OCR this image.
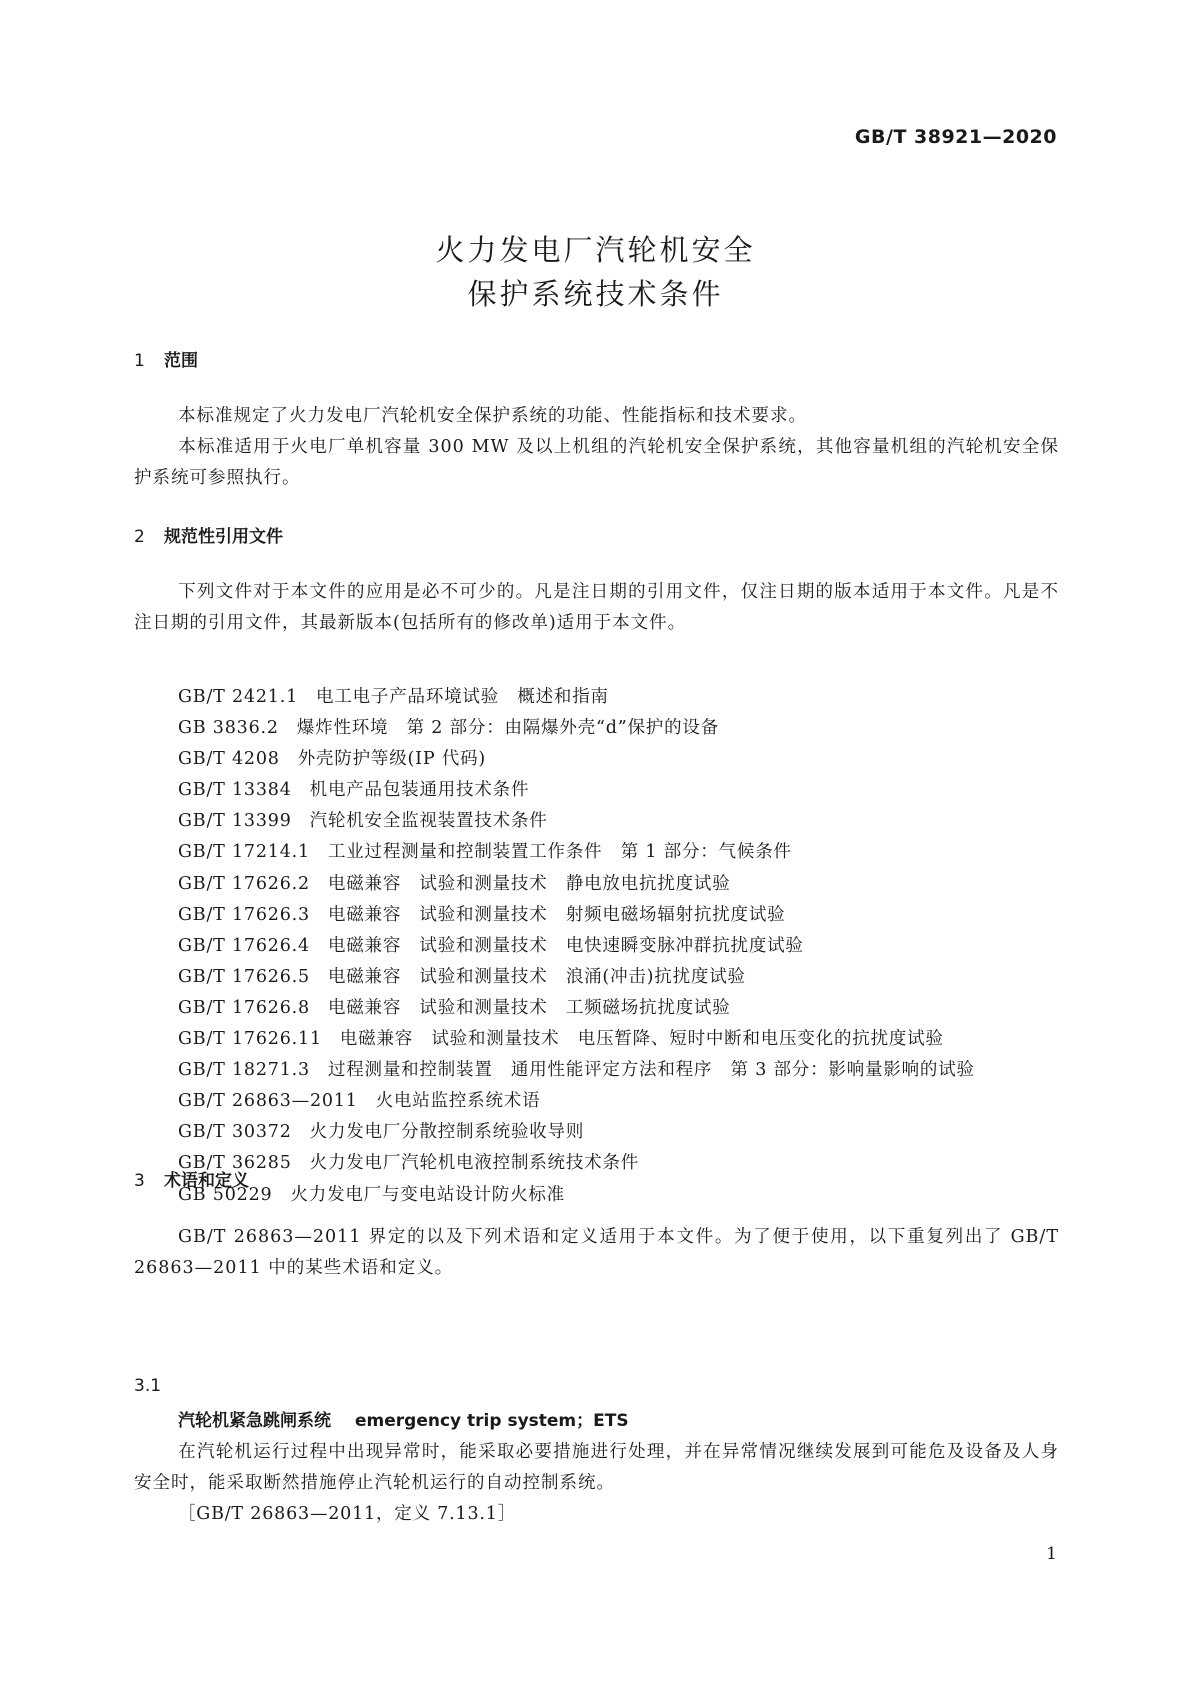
GB/T 38921—2020
火力发电厂汽轮机安全
保护系统技术条件
1 范围
本标准规定了火力发电厂汽轮机安全保护系统的功能、性能指标和技术要求。
本标准适用于火电厂单机容量 300 MW 及以上机组的汽轮机安全保护系统，其他容量机组的汽轮机安全保护系统可参照执行。
2 规范性引用文件
下列文件对于本文件的应用是必不可少的。凡是注日期的引用文件，仅注日期的版本适用于本文件。凡是不注日期的引用文件，其最新版本(包括所有的修改单)适用于本文件。
GB/T 2421.1 电工电子产品环境试验　概述和指南
GB 3836.2 爆炸性环境　第 2 部分：由隔爆外壳“d”保护的设备
GB/T 4208 外壳防护等级(IP 代码)
GB/T 13384 机电产品包装通用技术条件
GB/T 13399 汽轮机安全监视装置技术条件
GB/T 17214.1 工业过程测量和控制装置工作条件　第 1 部分：气候条件
GB/T 17626.2 电磁兼容　试验和测量技术　静电放电抗扰度试验
GB/T 17626.3 电磁兼容　试验和测量技术　射频电磁场辐射抗扰度试验
GB/T 17626.4 电磁兼容　试验和测量技术　电快速瞬变脉冲群抗扰度试验
GB/T 17626.5 电磁兼容　试验和测量技术　浪涌(冲击)抗扰度试验
GB/T 17626.8 电磁兼容　试验和测量技术　工频磁场抗扰度试验
GB/T 17626.11 电磁兼容　试验和测量技术　电压暂降、短时中断和电压变化的抗扰度试验
GB/T 18271.3 过程测量和控制装置　通用性能评定方法和程序　第 3 部分：影响量影响的试验
GB/T 26863—2011 火电站监控系统术语
GB/T 30372 火力发电厂分散控制系统验收导则
GB/T 36285 火力发电厂汽轮机电液控制系统技术条件
GB 50229 火力发电厂与变电站设计防火标准
3 术语和定义
GB/T 26863—2011 界定的以及下列术语和定义适用于本文件。为了便于使用，以下重复列出了 GB/T 26863—2011 中的某些术语和定义。
3.1
汽轮机紧急跳闸系统 emergency trip system；ETS
在汽轮机运行过程中出现异常时，能采取必要措施进行处理，并在异常情况继续发展到可能危及设备及人身安全时，能采取断然措施停止汽轮机运行的自动控制系统。
［GB/T 26863—2011，定义 7.13.1］
1
